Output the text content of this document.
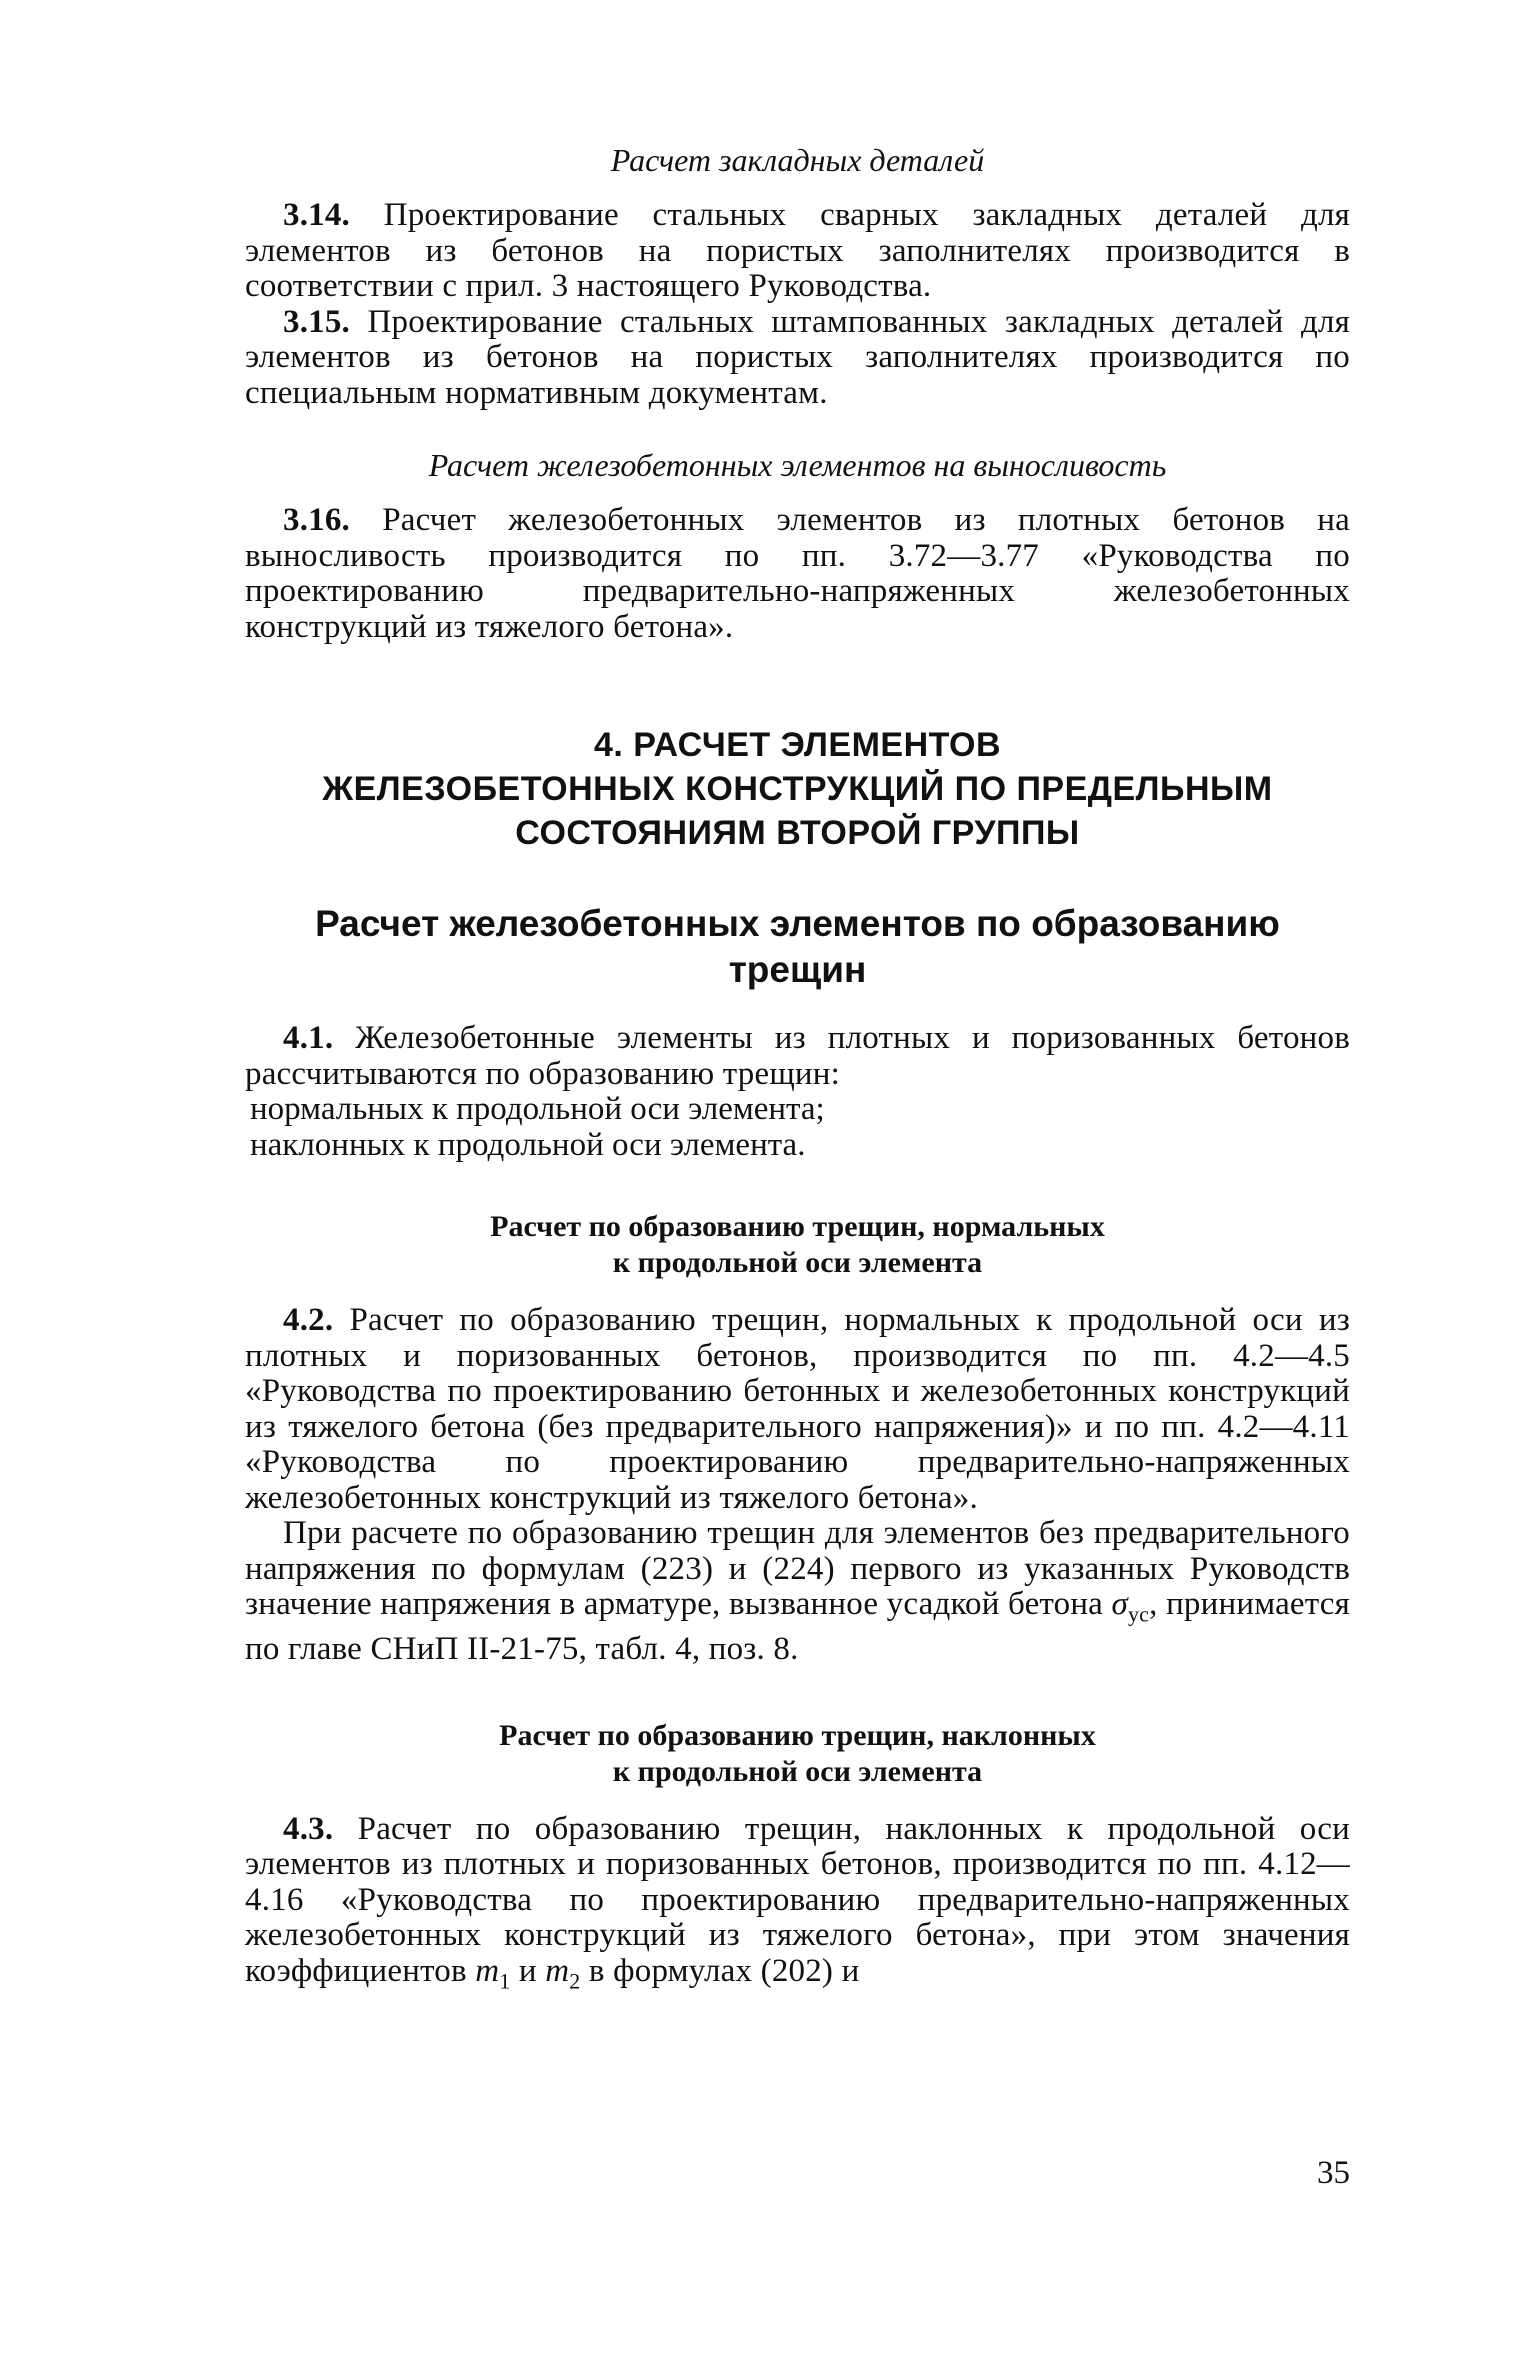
Расчет закладных деталей

3.14. Проектирование стальных сварных закладных деталей для элементов из бетонов на пористых заполнителях производится в соответствии с прил. 3 настоящего Руководства.

3.15. Проектирование стальных штампованных закладных деталей для элементов из бетонов на пористых заполнителях производится по специальным нормативным документам.

Расчет железобетонных элементов на выносливость

3.16. Расчет железобетонных элементов из плотных бетонов на выносливость производится по пп. 3.72—3.77 «Руководства по проектированию предварительно-напряженных железобетонных конструкций из тяжелого бетона».

4. РАСЧЕТ ЭЛЕМЕНТОВ

ЖЕЛЕЗОБЕТОННЫХ КОНСТРУКЦИЙ ПО ПРЕДЕЛЬНЫМ

СОСТОЯНИЯМ ВТОРОЙ ГРУППЫ

Расчет железобетонных элементов по образованию

трещин

4.1. Железобетонные элементы из плотных и поризованных бетонов рассчитываются по образованию трещин:

нормальных к продольной оси элемента;

наклонных к продольной оси элемента.

Расчет по образованию трещин, нормальных

к продольной оси элемента

4.2. Расчет по образованию трещин, нормальных к продольной оси из плотных и поризованных бетонов, производится по пп. 4.2—4.5 «Руководства по проектированию бетонных и железобетонных конструкций из тяжелого бетона (без предварительного напряжения)» и по пп. 4.2—4.11 «Руководства по проектированию предварительно-напряженных железобетонных конструкций из тяжелого бетона».

При расчете по образованию трещин для элементов без предварительного напряжения по формулам (223) и (224) первого из указанных Руководств значение напряжения в арматуре, вызванное усадкой бетона $\sigma_{ус}$, принимается по главе СНиП II-21-75, табл. 4, поз. 8.

Расчет по образованию трещин, наклонных

к продольной оси элемента

4.3. Расчет по образованию трещин, наклонных к продольной оси элементов из плотных и поризованных бетонов, производится по пп. 4.12—4.16 «Руководства по проектированию предварительно-напряженных железобетонных конструкций из тяжелого бетона», при этом значения коэффициентов $m_1$ и $m_2$ в формулах (202) и

35
